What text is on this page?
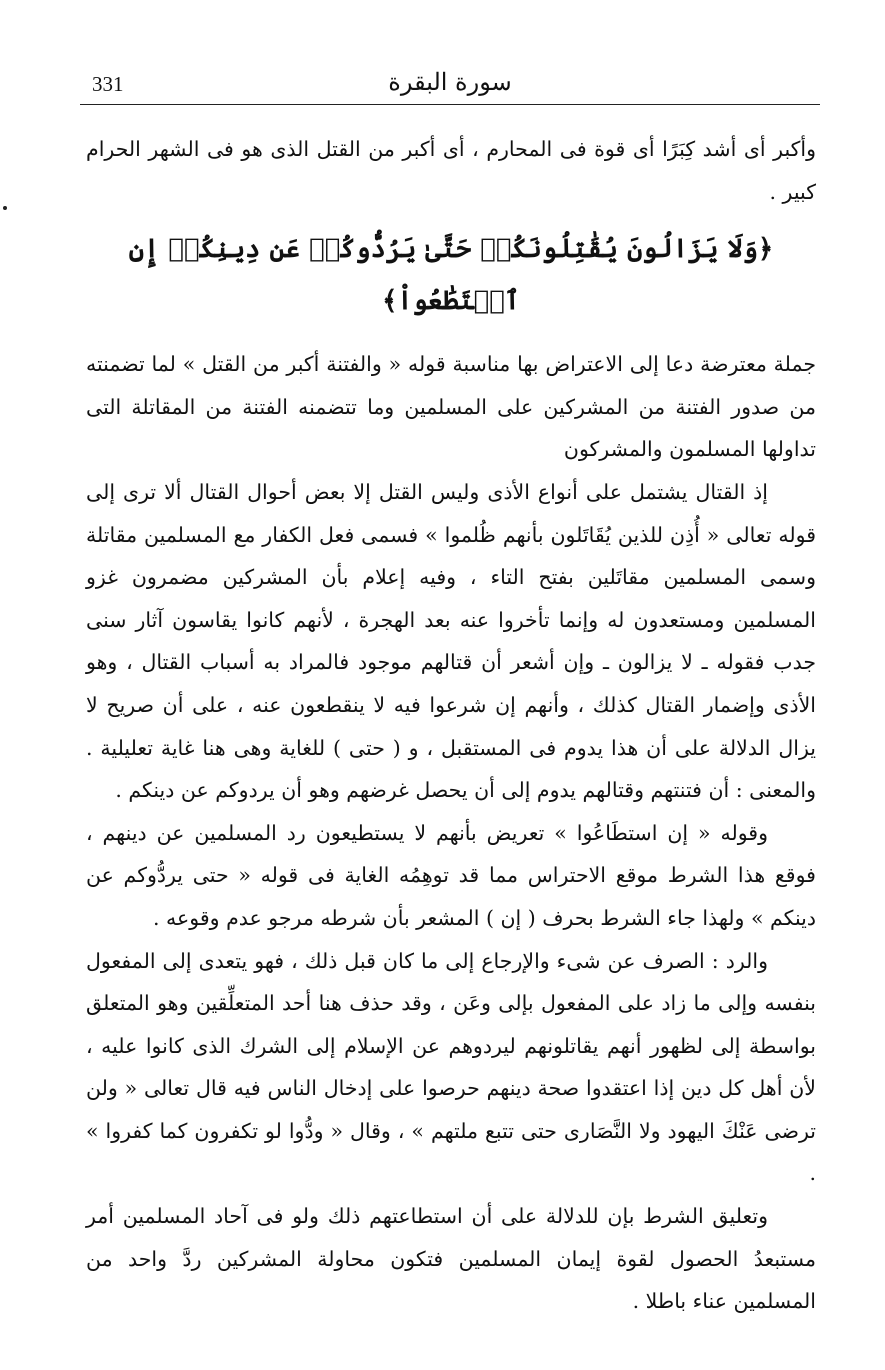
331	سورة البقرة

وأكبر أى أشد كِبَرًا أى قوة فى المحارم ، أى أكبر من القتل الذى هو فى الشهر الحرام كبير .

﴿وَلَا يَزَالُونَ يُقَٰتِلُونَكُمۡ حَتَّىٰ يَرُدُّوكُمۡ عَن دِينِكُمۡ إِنِ ٱسۡتَطَٰعُواْ﴾

جملة معترضة دعا إلى الاعتراض بها مناسبة قوله « والفتنة أكبر من القتل » لما تضمنته من صدور الفتنة من المشركين على المسلمين وما تتضمنه الفتنة من المقاتلة التى تداولها المسلمون والمشركون

إذ القتال يشتمل على أنواع الأذى وليس القتل إلا بعض أحوال القتال ألا ترى إلى قوله تعالى « أُذِن للذين يُقَاتَلون بأنهم ظُلموا » فسمى فعل الكفار مع المسلمين مقاتلة وسمى المسلمين مقاتَلين بفتح التاء ، وفيه إعلام بأن المشركين مضمرون غزو المسلمين ومستعدون له وإنما تأخروا عنه بعد الهجرة ، لأنهم كانوا يقاسون آثار سنى جدب فقوله ـ لا يزالون ـ وإن أشعر أن قتالهم موجود فالمراد به أسباب القتال ، وهو الأذى وإضمار القتال كذلك ، وأنهم إن شرعوا فيه لا ينقطعون عنه ، على أن صريح لا يزال الدلالة على أن هذا يدوم فى المستقبل ، و ( حتى ) للغاية وهى هنا غاية تعليلية . والمعنى : أن فتنتهم وقتالهم يدوم إلى أن يحصل غرضهم وهو أن يردوكم عن دينكم .

وقوله « إن استطَاعُوا » تعريض بأنهم لا يستطيعون رد المسلمين عن دينهم ، فوقع هذا الشرط موقع الاحتراس مما قد توهِمُه الغاية فى قوله « حتى يردُّوكم عن دينكم » ولهذا جاء الشرط بحرف ( إن ) المشعر بأن شرطه مرجو عدم وقوعه .

والرد : الصرف عن شىء والإرجاع إلى ما كان قبل ذلك ، فهو يتعدى إلى المفعول بنفسه وإلى ما زاد على المفعول بإلى وعَن ، وقد حذف هنا أحد المتعلِّقين وهو المتعلق بواسطة إلى لظهور أنهم يقاتلونهم ليردوهم عن الإسلام إلى الشرك الذى كانوا عليه ، لأن أهل كل دين إذا اعتقدوا صحة دينهم حرصوا على إدخال الناس فيه قال تعالى « ولن ترضى عَنْكَ اليهود ولا النَّصَارى حتى تتبع ملتهم » ، وقال « ودُّوا لو تكفرون كما كفروا » .

وتعليق الشرط بإن للدلالة على أن استطاعتهم ذلك ولو فى آحاد المسلمين أمر مستبعدُ الحصول لقوة إيمان المسلمين فتكون محاولة المشركين ردَّ واحد من المسلمين عناء باطلا .
